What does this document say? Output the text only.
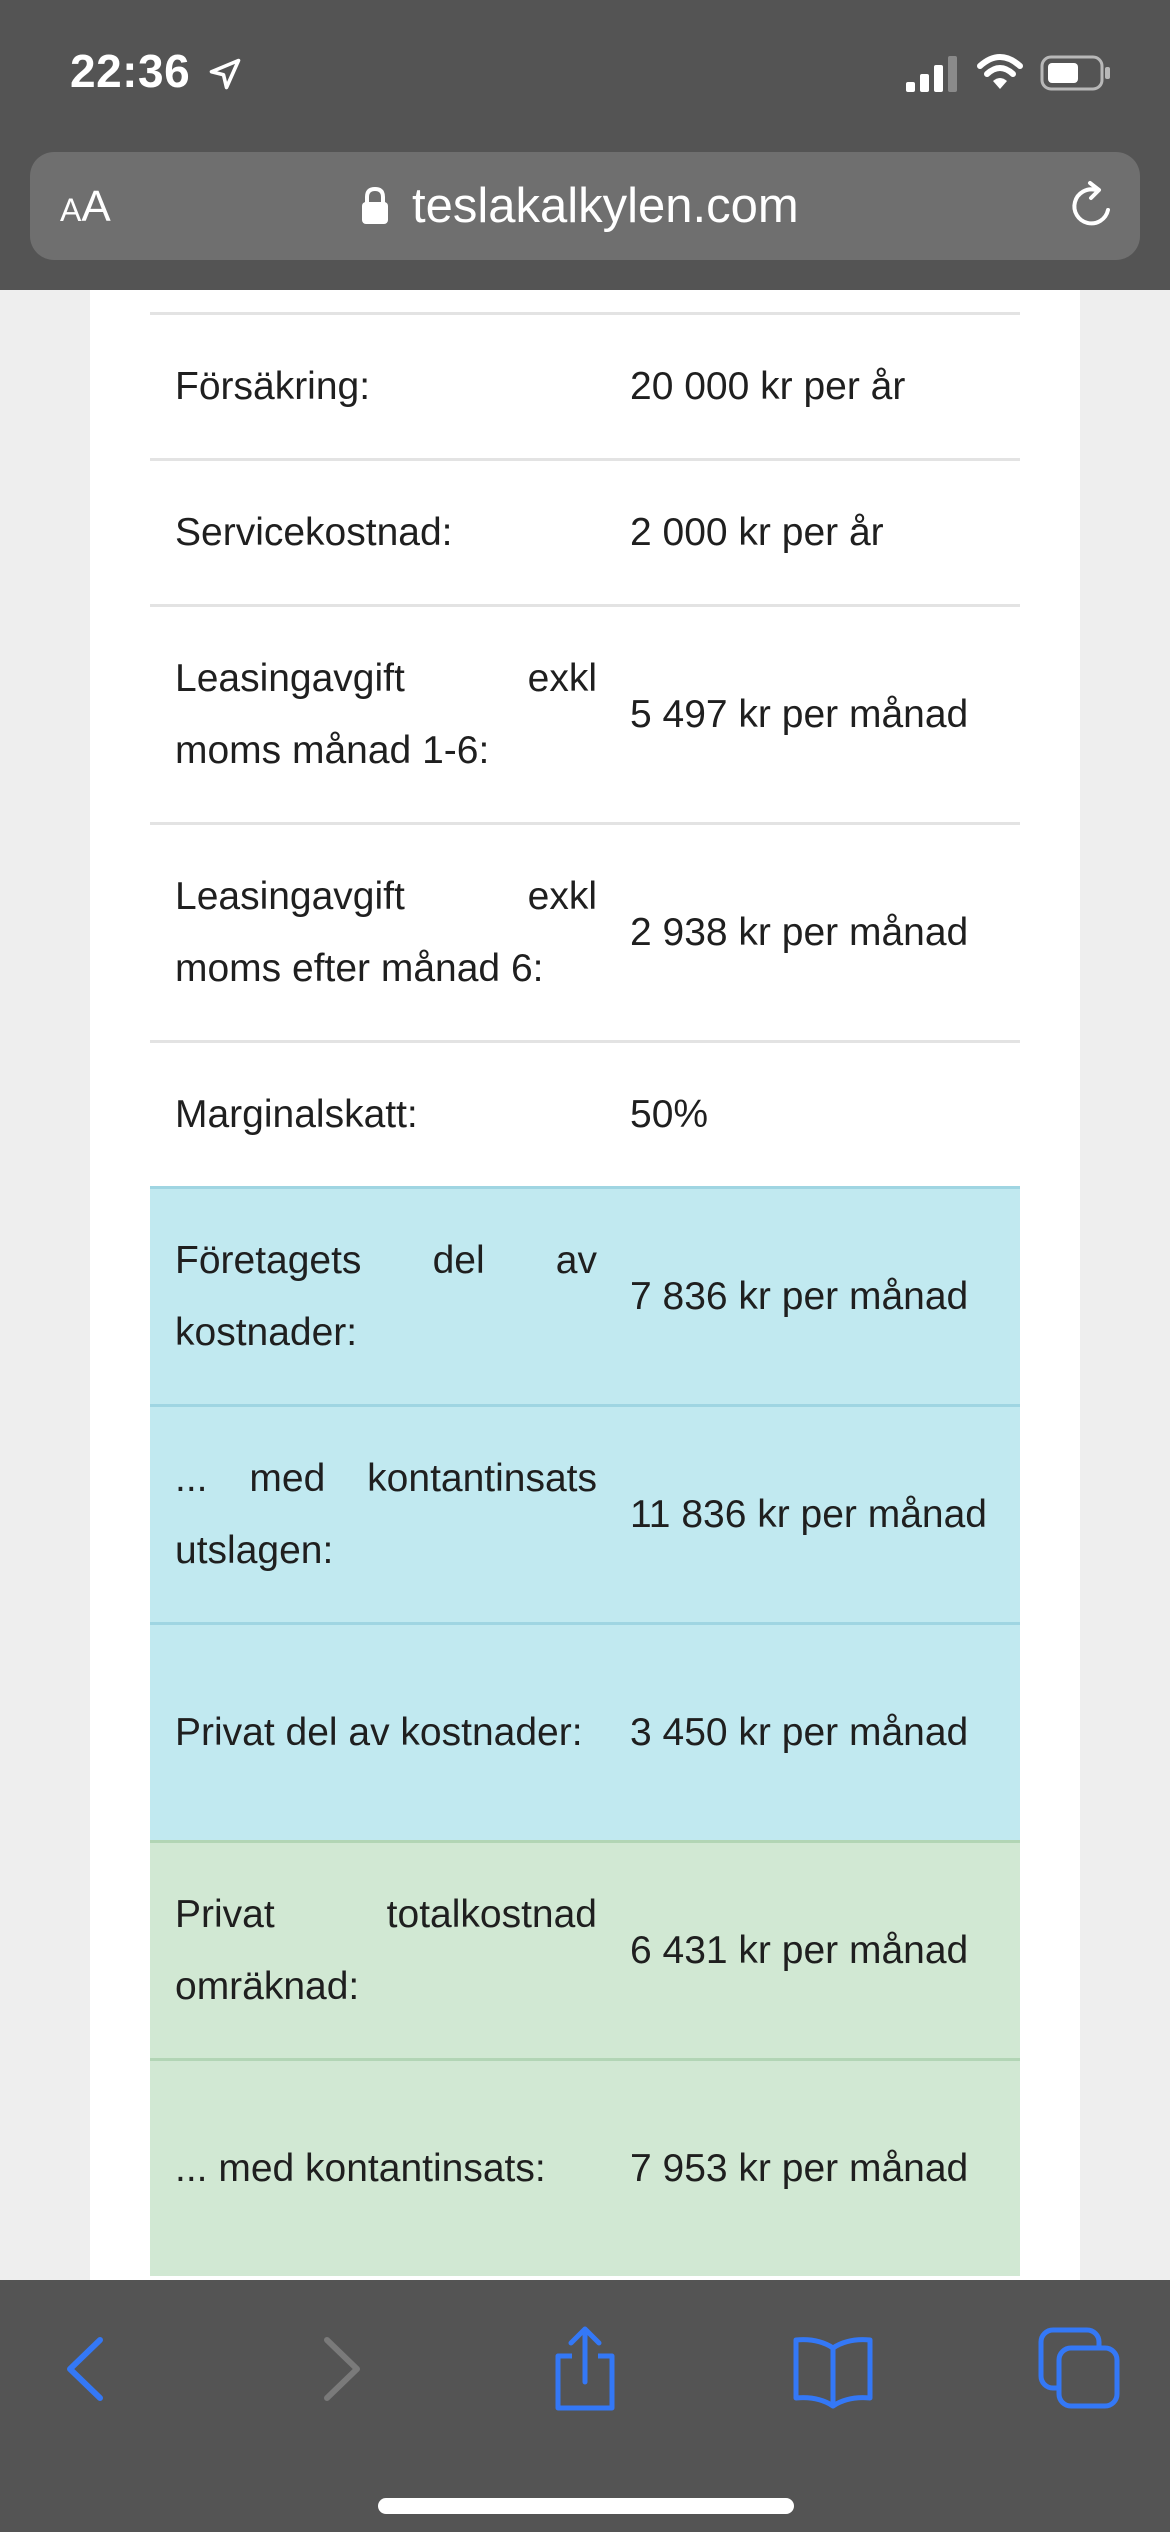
22:36
AA	teslakalkylen.com
Försäkring:	20 000 kr per år
Servicekostnad:	2 000 kr per år
Leasingavgift exkl moms månad 1-6:
5 497 kr per månad
Leasingavgift exkl moms efter månad 6:
2 938 kr per månad
Marginalskatt:	50%
Företagets del av kostnader:
7 836 kr per månad
... med kontantinsats utslagen:
11 836 kr per månad
Privat del av kostnader:	3 450 kr per månad
Privat totalkostnad omräknad:
6 431 kr per månad
... med kontantinsats:	7 953 kr per månad
